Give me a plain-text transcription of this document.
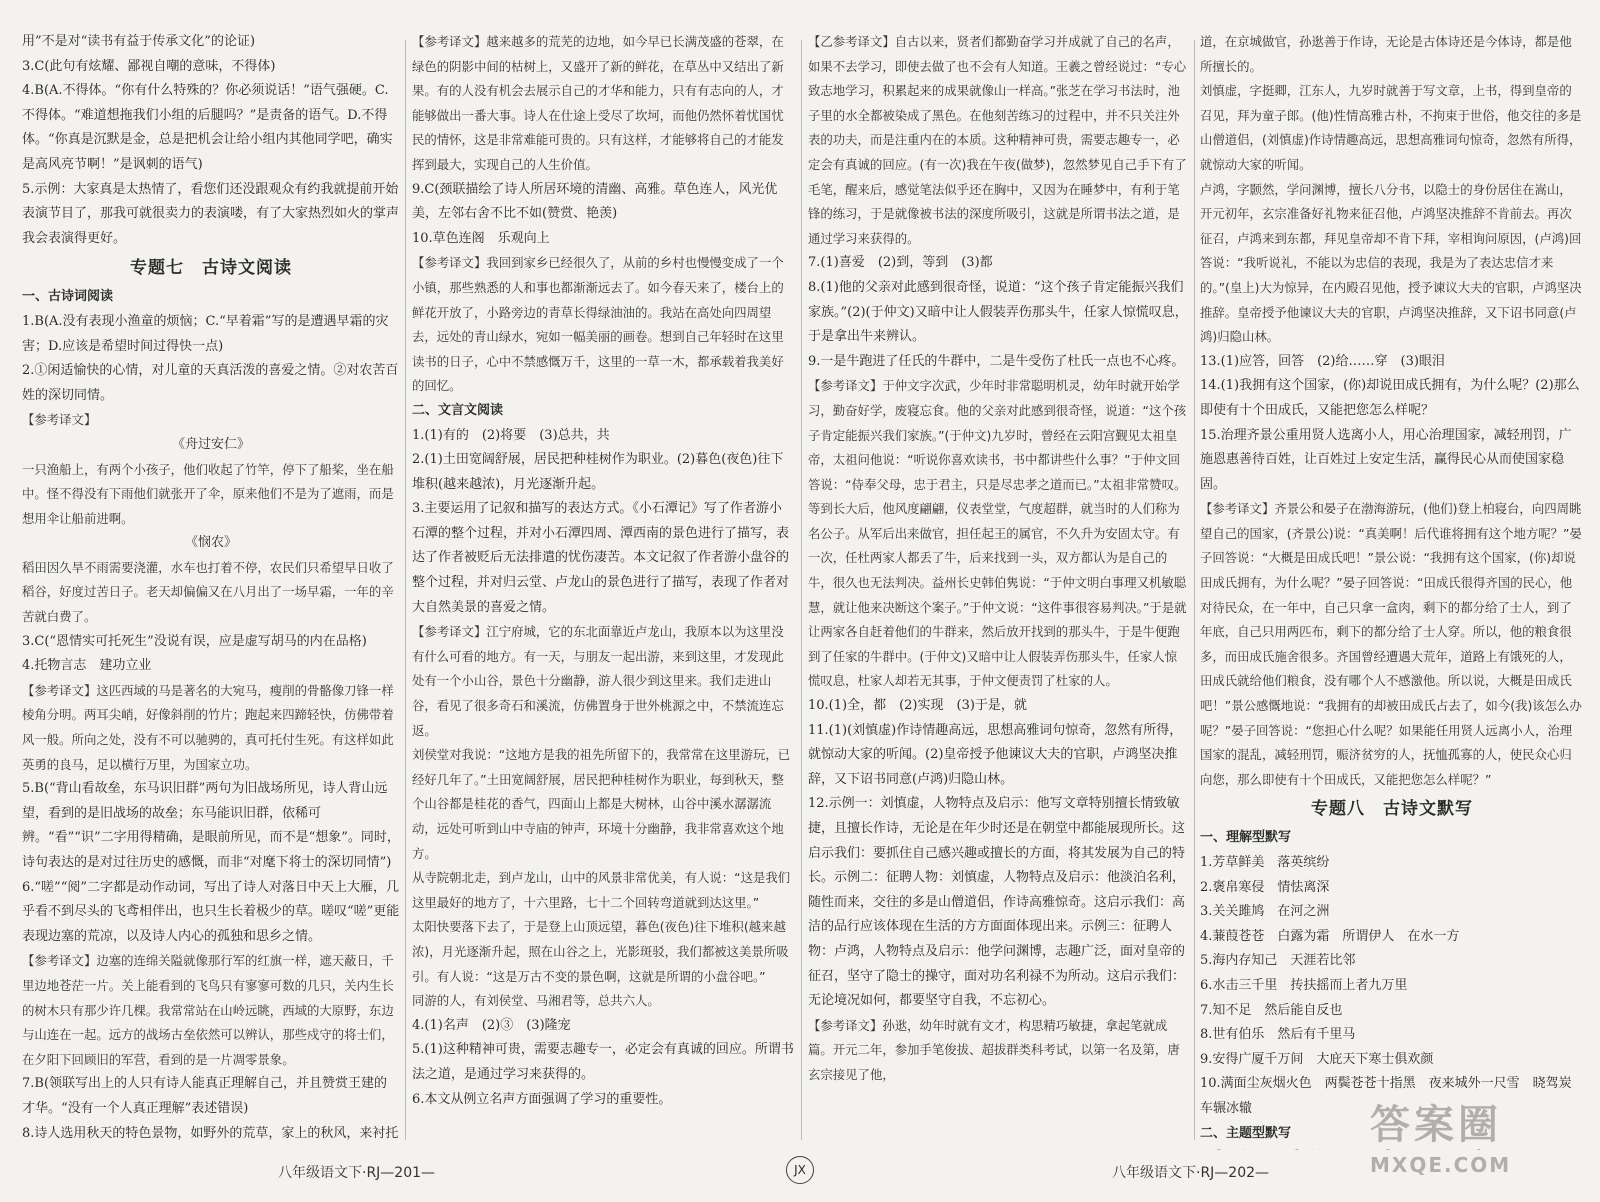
用”不是对“读书有益于传承文化”的论证)

3.C(此句有炫耀、鄙视自嘲的意味，不得体)

4.B(A.不得体。“你有什么特殊的？你必须说话！”语气强硬。C.不得体。“难道想拖我们小组的后腿吗？”是责备的语气。D.不得体。“你真是沉默是金，总是把机会让给小组内其他同学吧，确实是高风亮节啊！”是讽刺的语气)

5.示例：大家真是太热情了，看您们还没跟观众有约我就提前开始表演节目了，那我可就很卖力的表演喽，有了大家热烈如火的掌声我会表演得更好。

专题七　古诗文阅读

一、古诗词阅读

1.B(A.没有表现小渔童的烦恼；C.“早着霜”写的是遭遇早霜的灾害；D.应该是希望时间过得快一点)

2.①闲适愉快的心情，对儿童的天真活泼的喜爱之情。②对农苦百姓的深切同情。

【参考译文】

《舟过安仁》

一只渔船上，有两个小孩子，他们收起了竹竿，停下了船桨，坐在船中。怪不得没有下雨他们就张开了伞，原来他们不是为了遮雨，而是想用伞让船前进啊。

《悯农》

稻田因久旱不雨需要浇灌，水车也打着不停，农民们只希望早日收了稻谷，好度过苦日子。老天却偏偏又在八月出了一场早霜，一年的辛苦就白费了。

3.C(“恩情实可托死生”没说有误，应是虚写胡马的内在品格)

4.托物言志　建功立业

【参考译文】这匹西域的马是著名的大宛马，瘦削的骨骼像刀锋一样棱角分明。两耳尖峭，好像斜削的竹片；跑起来四蹄轻快，仿佛带着风一般。所向之处，没有不可以驰骋的，真可托付生死。有这样如此英勇的良马，足以横行万里，为国家立功。

5.B(“背山看故垒，东马识旧群”两句为旧战场所见，诗人背山远望，看到的是旧战场的故垒；东马能识旧群，依稀可辨。“看”“识”二字用得精确，是眼前所见，而不是“想象”。同时，诗句表达的是对过往历史的感慨，而非“对麾下将士的深切同情”)

6.“嗟”“阅”二字都是动作动词，写出了诗人对落日中天上大雁，几乎看不到尽头的飞鸢相伴出，也只生长着极少的草。嗟叹“嗟”更能表现边塞的荒凉，以及诗人内心的孤独和思乡之情。

【参考译文】边塞的连绵关隘就像那行军的红旗一样，遮天蔽日，千里边地苍茫一片。关上能看到的飞鸟只有寥寥可数的几只，关内生长的树木只有那少许几棵。我常常站在山岭远眺，西域的大原野，东边与山连在一起。远方的战场古垒依然可以辨认，那些戍守的将士们，在夕阳下回顾旧的军营，看到的是一片凋零景象。

7.B(领联写出上的人只有诗人能真正理解自己，并且赞赏王建的才华。“没有一个人真正理解”表述错误)

8.诗人选用秋天的特色景物，如野外的荒草，家上的秋风，来衬托

【参考译文】越来越多的荒芜的边地，如今早已长满茂盛的苍翠，在绿色的阴影中间的枯树上，又盛开了新的鲜花，在草丛中又结出了新果。有的人没有机会去展示自己的才华和能力，只有有志向的人，才能够做出一番大事。诗人在仕途上受尽了坎坷，而他仍然怀着忧国忧民的情怀，这是非常难能可贵的。只有这样，才能够将自己的才能发挥到最大，实现自己的人生价值。

9.C(颈联描绘了诗人所居环境的清幽、高雅。草色连人，风光优美，左邻右舍不比不如(赞赏、艳羡)

10.草色连阁　乐观向上

【参考译文】我回到家乡已经很久了，从前的乡村也慢慢变成了一个小镇，那些熟悉的人和事也都渐渐远去了。如今春天来了，楼台上的鲜花开放了，小路旁边的青草长得绿油油的。我站在高处向四周望去，远处的青山绿水，宛如一幅美丽的画卷。想到自己年轻时在这里读书的日子，心中不禁感慨万千，这里的一草一木，都承载着我美好的回忆。

二、文言文阅读

1.(1)有的　(2)将要　(3)总共，共

2.(1)土田宽阔舒展，居民把种桂树作为职业。(2)暮色(夜色)往下堆积(越来越浓)，月光逐渐升起。

3.主要运用了记叙和描写的表达方式。《小石潭记》写了作者游小石潭的整个过程，并对小石潭四周、潭西南的景色进行了描写，表达了作者被贬后无法排遣的忧伤凄苦。本文记叙了作者游小盘谷的整个过程，并对归云堂、卢龙山的景色进行了描写，表现了作者对大自然美景的喜爱之情。

【参考译文】江宁府城，它的东北面靠近卢龙山，我原本以为这里没有什么可看的地方。有一天，与朋友一起出游，来到这里，才发现此处有一个小山谷，景色十分幽静，游人很少到这里来。我们走进山谷，看见了很多奇石和溪流，仿佛置身于世外桃源之中，不禁流连忘返。

刘侯堂对我说：“这地方是我的祖先所留下的，我常常在这里游玩，已经好几年了。”土田宽阔舒展，居民把种桂树作为职业，每到秋天，整个山谷都是桂花的香气，四面山上都是大树林，山谷中溪水潺潺流动，远处可听到山中寺庙的钟声，环境十分幽静，我非常喜欢这个地方。

从寺院朝北走，到卢龙山，山中的风景非常优美，有人说：“这是我们这里最好的地方了，十六里路，七十二个回转弯道就到达这里。”

太阳快要落下去了，于是登上山顶远望，暮色(夜色)往下堆积(越来越浓)，月光逐渐升起，照在山谷之上，光影斑驳，我们都被这美景所吸引。有人说：“这是万古不变的景色啊，这就是所谓的小盘谷吧。”

同游的人，有刘侯堂、马湘君等，总共六人。

4.(1)名声　(2)③　(3)隆宠

5.(1)这种精神可贵，需要志趣专一，必定会有真诚的回应。所谓书法之道，是通过学习来获得的。

6.本文从例立名声方面强调了学习的重要性。

【乙参考译文】自古以来，贤者们都勤奋学习并成就了自己的名声，如果不去学习，即使去做了也不会有人知道。王羲之曾经说过：“专心致志地学习，积累起来的成果就像山一样高。”张芝在学习书法时，池子里的水全都被染成了黑色。在他刻苦练习的过程中，并不只关注外表的功夫，而是注重内在的本质。这种精神可贵，需要志趣专一，必定会有真诚的回应。(有一次)我在午夜(做梦)，忽然梦见自己手下有了毛笔，醒来后，感觉笔法似乎还在胸中，又因为在睡梦中，有利于笔锋的练习，于是就像被书法的深度所吸引，这就是所谓书法之道，是通过学习来获得的。

7.(1)喜爱　(2)到，等到　(3)都

8.(1)他的父亲对此感到很奇怪，说道：“这个孩子肯定能振兴我们家族。”(2)(于仲文)又暗中让人假装弄伤那头牛，任家人惊慌叹息，于是拿出牛来辨认。

9.一是牛跑进了任氏的牛群中，二是牛受伤了杜氏一点也不心疼。

【参考译文】于仲文字次武，少年时非常聪明机灵，幼年时就开始学习，勤奋好学，废寝忘食。他的父亲对此感到很奇怪，说道：“这个孩子肯定能振兴我们家族。”(于仲文)九岁时，曾经在云阳宫觐见太祖皇帝，太祖问他说：“听说你喜欢读书，书中都讲些什么事？”于仲文回答说：“侍奉父母，忠于君主，只是尽忠孝之道而已。”太祖非常赞叹。等到长大后，他风度翩翩，仪表堂堂，气度超群，就当时的人们称为名公子。从军后出来做官，担任起王的属官，不久升为安固太守。有一次，任杜两家人都丢了牛，后来找到一头，双方都认为是自己的牛，很久也无法判决。益州长史韩伯隽说：“于仲文明白事理又机敏聪慧，就让他来决断这个案子。”于仲文说：“这件事很容易判决。”于是就让两家各自赶着他们的牛群来，然后放开找到的那头牛，于是牛便跑到了任家的牛群中。(于仲文)又暗中让人假装弄伤那头牛，任家人惊慌叹息，杜家人却若无其事，于仲文便责罚了杜家的人。

10.(1)全，都　(2)实现　(3)于是，就

11.(1)(刘慎虚)作诗情趣高远，思想高雅词句惊奇，忽然有所得，就惊动大家的听闻。(2)皇帝授予他谏议大夫的官职，卢鸿坚决推辞，又下诏书同意(卢鸿)归隐山林。

12.示例一：刘慎虚，人物特点及启示：他写文章特别擅长情致敏捷，且擅长作诗，无论是在年少时还是在朝堂中都能展现所长。这启示我们：要抓住自己感兴趣或擅长的方面，将其发展为自己的特长。示例二：征聘人物：刘慎虚，人物特点及启示：他淡泊名利，随性而来，交往的多是山僧道侣，作诗高雅惊奇。这启示我们：高洁的品行应该体现在生活的方方面面体现出来。示例三：征聘人物：卢鸿，人物特点及启示：他学问渊博，志趣广泛，面对皇帝的征召，坚守了隐士的操守，面对功名利禄不为所动。这启示我们：无论境况如何，都要坚守自我，不忘初心。

【参考译文】孙逖，幼年时就有文才，构思精巧敏捷，拿起笔就成篇。开元二年，参加手笔俊拔、超拔群类科考试，以第一名及第，唐玄宗接见了他，

道，在京城做官，孙逖善于作诗，无论是古体诗还是今体诗，都是他所擅长的。

刘慎虚，字挺卿，江东人，九岁时就善于写文章，上书，得到皇帝的召见，拜为童子郎。(他)性情高雅古朴，不拘束于世俗，他交往的多是山僧道侣，(刘慎虚)作诗情趣高远，思想高雅词句惊奇，忽然有所得，就惊动大家的听闻。

卢鸿，字颢然，学问渊博，擅长八分书，以隐士的身份居住在嵩山，开元初年，玄宗准备好礼物来征召他，卢鸿坚决推辞不肯前去。再次征召，卢鸿来到东都，拜见皇帝却不肯下拜，宰相询问原因，(卢鸿)回答说：“我听说礼，不能以为忠信的表现，我是为了表达忠信才来的。”(皇上)大为惊异，在内殿召见他，授予谏议大夫的官职，卢鸿坚决推辞。皇帝授予他谏议大夫的官职，卢鸿坚决推辞，又下诏书同意(卢鸿)归隐山林。

13.(1)应答，回答　(2)给……穿　(3)眼泪

14.(1)我拥有这个国家，(你)却说田成氏拥有，为什么呢？(2)那么即使有十个田成氏，又能把您怎么样呢？

15.治理齐景公重用贤人选离小人，用心治理国家，减轻刑罚，广施恩惠善待百姓，让百姓过上安定生活，赢得民心从而使国家稳固。

【参考译文】齐景公和晏子在渤海游玩，(他们)登上柏寝台，向四周眺望自己的国家，(齐景公)说：“真美啊！后代谁将拥有这个地方呢？”晏子回答说：“大概是田成氏吧！”景公说：“我拥有这个国家，(你)却说田成氏拥有，为什么呢？”晏子回答说：“田成氏很得齐国的民心，他对待民众，在一年中，自己只拿一盒肉，剩下的都分给了士人，到了年底，自己只用两匹布，剩下的都分给了士人穿。所以，他的粮食很多，而田成氏施舍很多。齐国曾经遭遇大荒年，道路上有饿死的人，田成氏就给他们粮食，没有哪个人不感激他。所以说，大概是田成氏吧！”景公感慨地说：“我拥有的却被田成氏占去了，如今(我)该怎么办呢？”晏子回答说：“您担心什么呢？如果能任用贤人远离小人，治理国家的混乱，减轻刑罚，赈济贫穷的人，抚恤孤寡的人，使民众心归向您，那么即使有十个田成氏，又能把您怎么样呢？”

专题八　古诗文默写

一、理解型默写

1.芳草鲜美　落英缤纷

2.褒帛寒侵　情怯离深

3.关关雎鸠　在河之洲

4.蒹葭苍苍　白露为霜　所谓伊人　在水一方

5.海内存知己　天涯若比邻

6.水击三千里　抟扶摇而上者九万里

7.知不足　然后能自反也

8.世有伯乐　然后有千里马

9.安得广厦千万间　大庇天下寒士俱欢颜

10.满面尘灰烟火色　两鬓苍苍十指黑　夜来城外一尺雪　晓驾炭车辗冰辙

二、主题型默写

八年级语文下·RJ—201—	JX	八年级语文下·RJ—202—
答案圈
MXQE.COM
